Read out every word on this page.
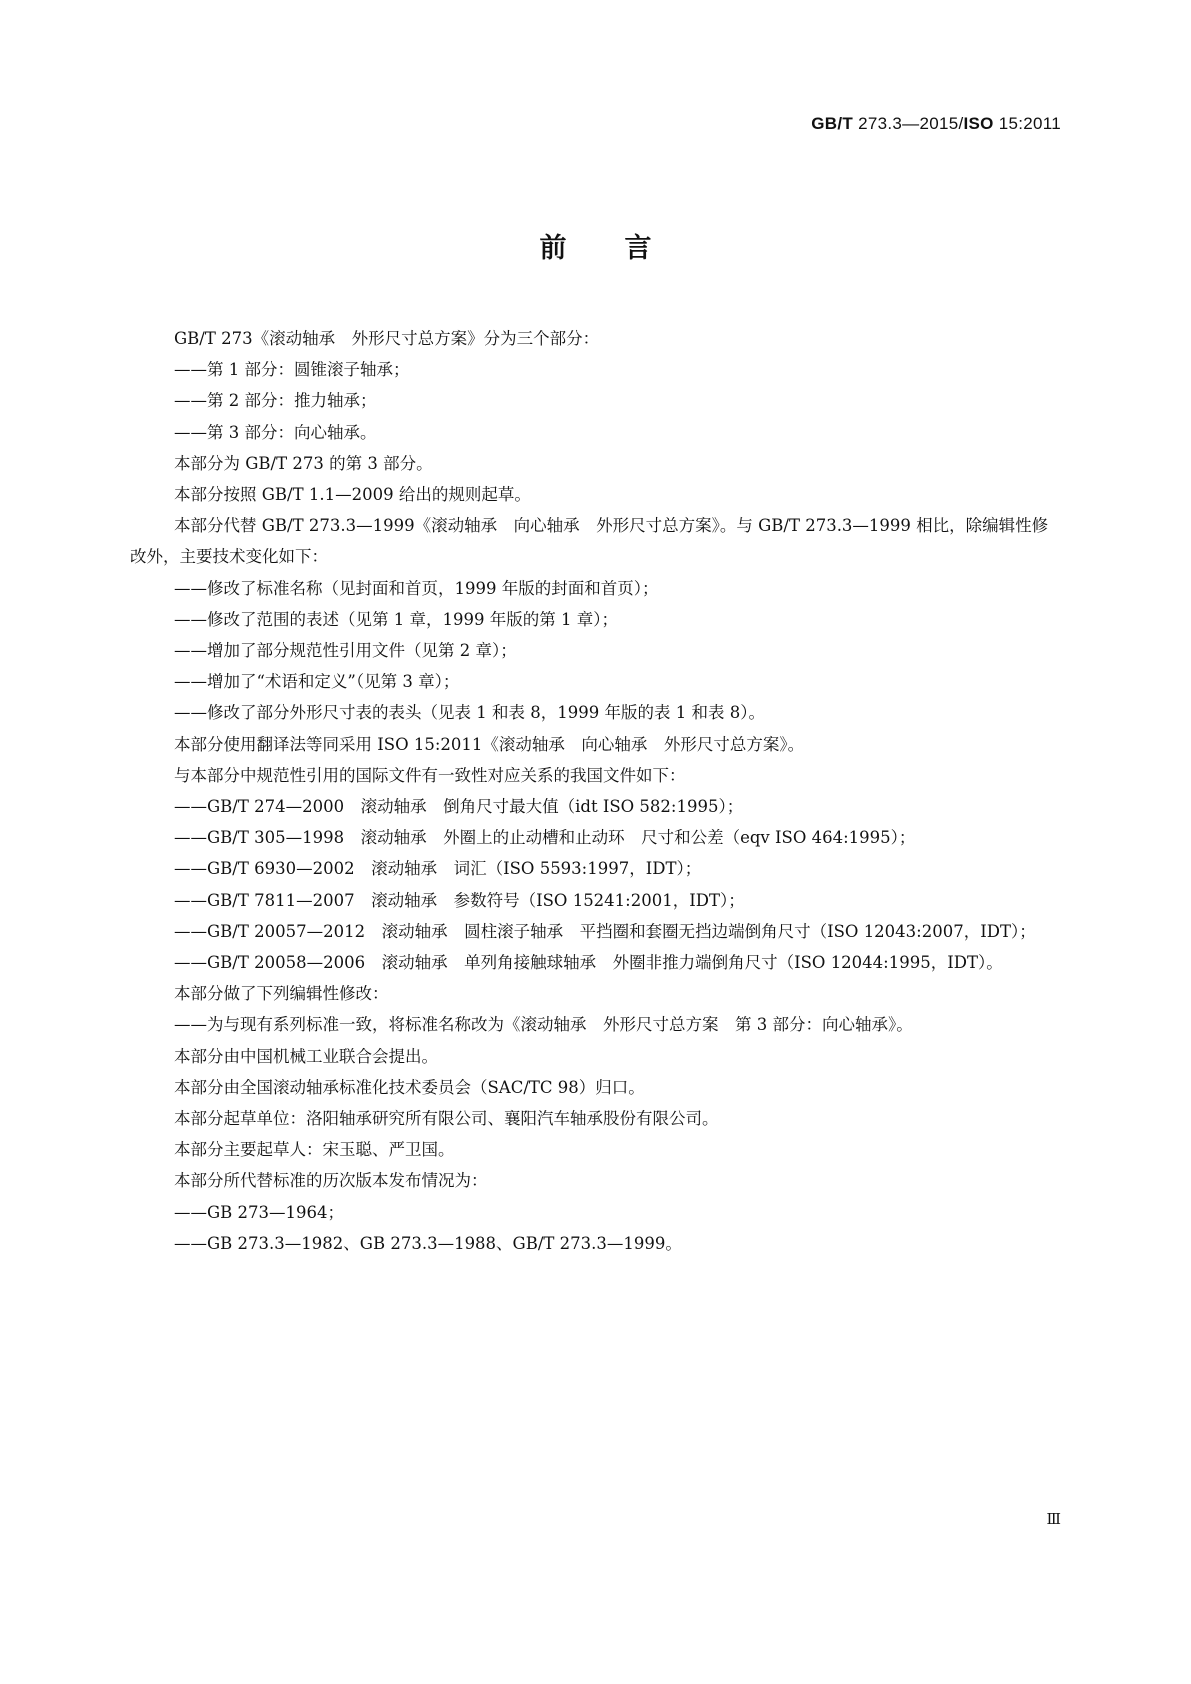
GB/T 273.3—2015/ISO 15:2011
前言

GB/T 273《滚动轴承　外形尺寸总方案》分为三个部分：

——第 1 部分：圆锥滚子轴承；

——第 2 部分：推力轴承；

——第 3 部分：向心轴承。

本部分为 GB/T 273 的第 3 部分。

本部分按照 GB/T 1.1—2009 给出的规则起草。

本部分代替 GB/T 273.3—1999《滚动轴承　向心轴承　外形尺寸总方案》。与 GB/T 273.3—1999 相比，除编辑性修改外，主要技术变化如下：

——修改了标准名称（见封面和首页，1999 年版的封面和首页）；

——修改了范围的表述（见第 1 章，1999 年版的第 1 章）；

——增加了部分规范性引用文件（见第 2 章）；

——增加了“术语和定义”（见第 3 章）；

——修改了部分外形尺寸表的表头（见表 1 和表 8，1999 年版的表 1 和表 8）。

本部分使用翻译法等同采用 ISO 15:2011《滚动轴承　向心轴承　外形尺寸总方案》。

与本部分中规范性引用的国际文件有一致性对应关系的我国文件如下：

——GB/T 274—2000　滚动轴承　倒角尺寸最大值（idt ISO 582:1995）；

——GB/T 305—1998　滚动轴承　外圈上的止动槽和止动环　尺寸和公差（eqv ISO 464:1995）；

——GB/T 6930—2002　滚动轴承　词汇（ISO 5593:1997，IDT）；

——GB/T 7811—2007　滚动轴承　参数符号（ISO 15241:2001，IDT）；

——GB/T 20057—2012　滚动轴承　圆柱滚子轴承　平挡圈和套圈无挡边端倒角尺寸（ISO 12043:2007，IDT）；

——GB/T 20058—2006　滚动轴承　单列角接触球轴承　外圈非推力端倒角尺寸（ISO 12044:1995，IDT）。

本部分做了下列编辑性修改：

——为与现有系列标准一致，将标准名称改为《滚动轴承　外形尺寸总方案　第 3 部分：向心轴承》。

本部分由中国机械工业联合会提出。

本部分由全国滚动轴承标准化技术委员会（SAC/TC 98）归口。

本部分起草单位：洛阳轴承研究所有限公司、襄阳汽车轴承股份有限公司。

本部分主要起草人：宋玉聪、严卫国。

本部分所代替标准的历次版本发布情况为：

——GB 273—1964；

——GB 273.3—1982、GB 273.3—1988、GB/T 273.3—1999。

Ⅲ
